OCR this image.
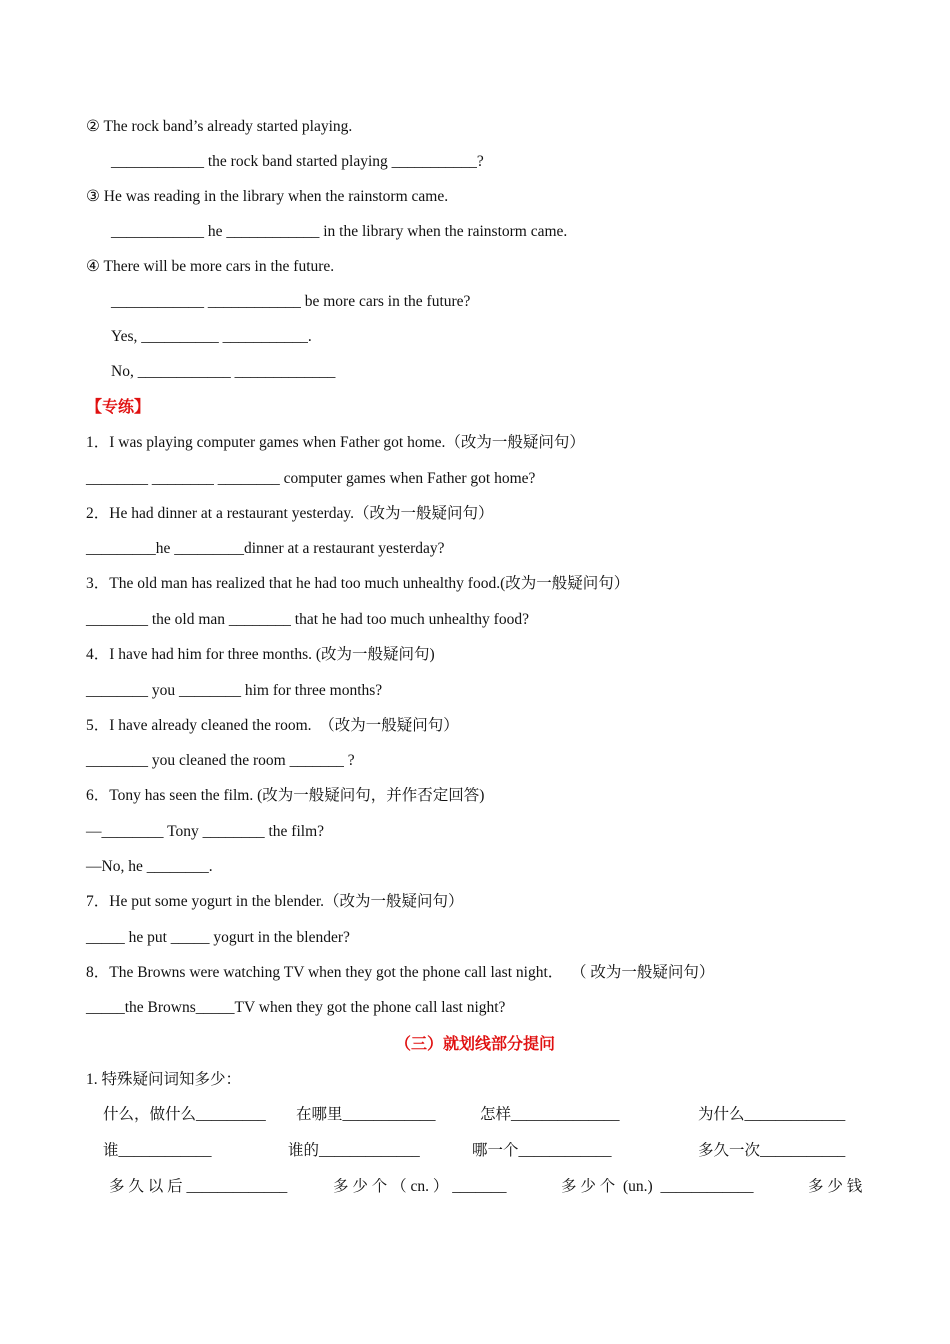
② The rock band’s already started playing.
____________ the rock band started playing ___________?
③ He was reading in the library when the rainstorm came.
____________ he ____________ in the library when the rainstorm came.
④ There will be more cars in the future.
____________ ____________ be more cars in the future?
Yes, __________ ___________.
No, ____________ _____________
【专练】
1．I was playing computer games when Father got home.（改为一般疑问句）
________ ________ ________ computer games when Father got home?
2．He had dinner at a restaurant yesterday.（改为一般疑问句）
_________he _________dinner at a restaurant yesterday?
3．The old man has realized that he had too much unhealthy food.(改为一般疑问句）
________ the old man ________ that he had too much unhealthy food?
4．I have had him for three months. (改为一般疑问句)
________ you ________ him for three months?
5．I have already cleaned the room.  （改为一般疑问句）
________ you cleaned the room _______ ?
6．Tony has seen the film. (改为一般疑问句，并作否定回答)
—________ Tony ________ the film?
—No, he ________.
7．He put some yogurt in the blender.（改为一般疑问句）
_____ he put _____ yogurt in the blender?
8．The Browns were watching TV when they got the phone call last night．  （ 改为一般疑问句）
_____the Browns_____TV when they got the phone call last night?
（三）就划线部分提问
1. 特殊疑问词知多少：
什么，做什么_________ 在哪里____________	怎样______________	为什么_____________
谁____________	谁的_____________	哪一个____________	多久一次___________
多 久 以 后 _____________	多 少 个 （ cn. ） _______	多 少 个  (un.)  ____________	多 少 钱
